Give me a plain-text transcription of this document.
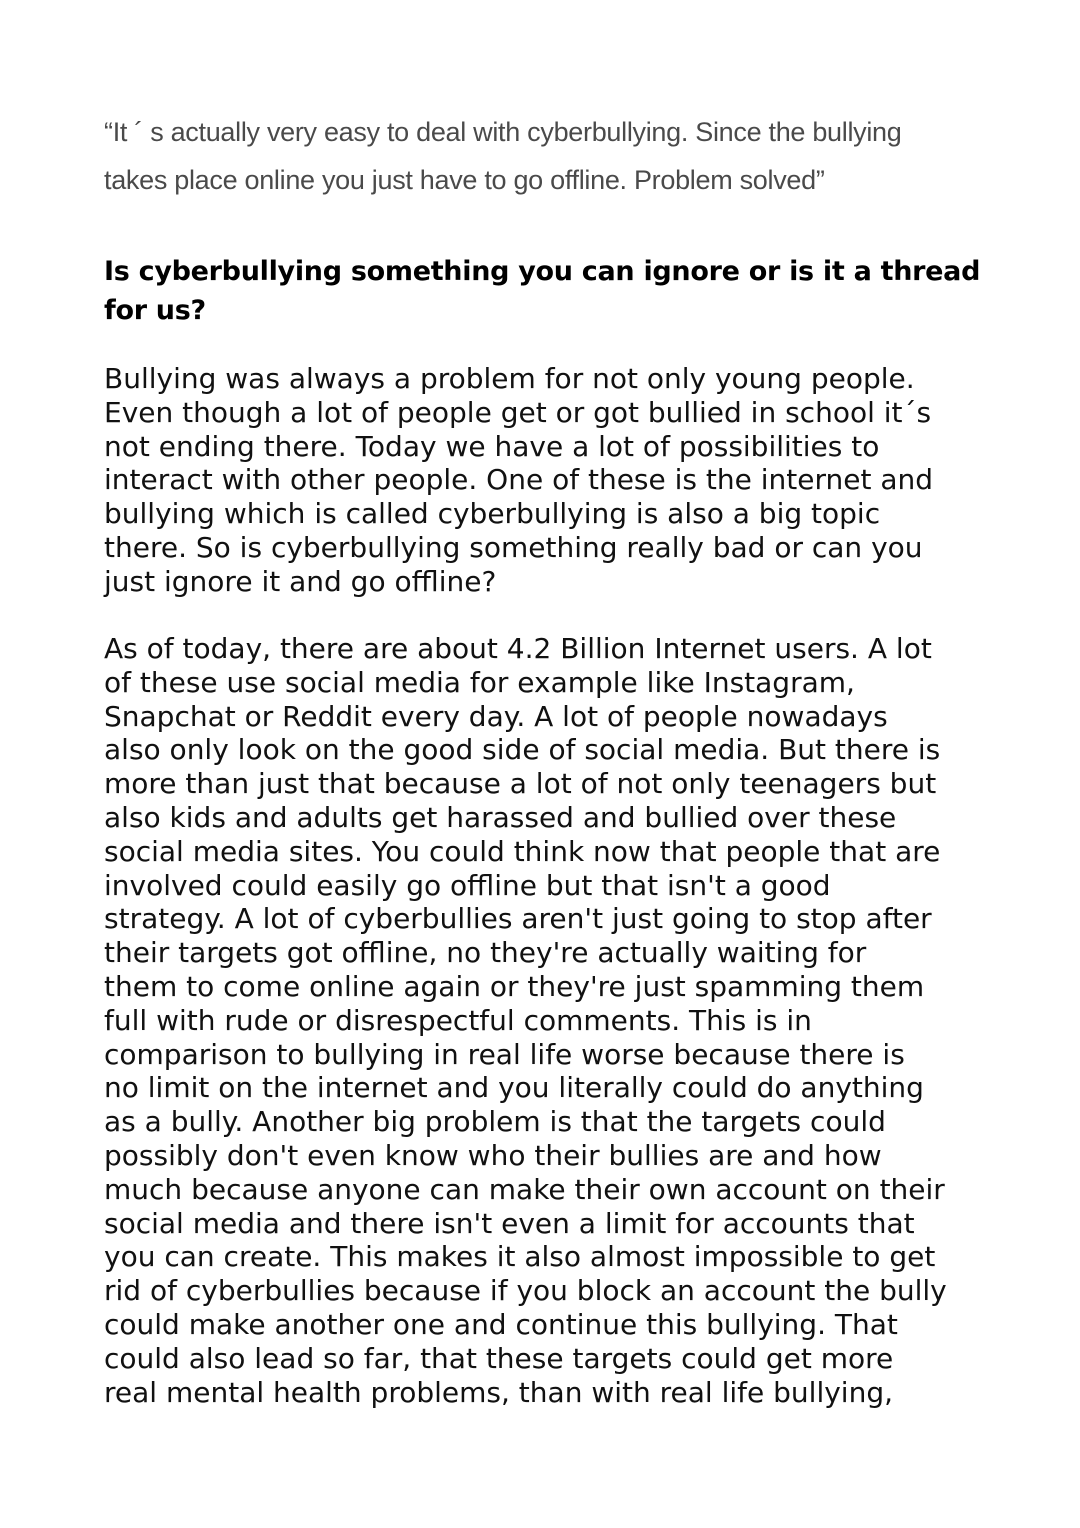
“It ´ s actually very easy to deal with cyberbullying. Since the bullying
takes place online you just have to go offline. Problem solved”

Is cyberbullying something you can ignore or is it a thread
for us?

Bullying was always a problem for not only young people.
Even though a lot of people get or got bullied in school it´s
not ending there. Today we have a lot of possibilities to
interact with other people. One of these is the internet and
bullying which is called cyberbullying is also a big topic
there. So is cyberbullying something really bad or can you
just ignore it and go offline?

As of today, there are about 4.2 Billion Internet users. A lot
of these use social media for example like Instagram,
Snapchat or Reddit every day. A lot of people nowadays
also only look on the good side of social media. But there is
more than just that because a lot of not only teenagers but
also kids and adults get harassed and bullied over these
social media sites. You could think now that people that are
involved could easily go offline but that isn't a good
strategy. A lot of cyberbullies aren't just going to stop after
their targets got offline, no they're actually waiting for
them to come online again or they're just spamming them
full with rude or disrespectful comments. This is in
comparison to bullying in real life worse because there is
no limit on the internet and you literally could do anything
as a bully. Another big problem is that the targets could
possibly don't even know who their bullies are and how
much because anyone can make their own account on their
social media and there isn't even a limit for accounts that
you can create. This makes it also almost impossible to get
rid of cyberbullies because if you block an account the bully
could make another one and continue this bullying. That
could also lead so far, that these targets could get more
real mental health problems, than with real life bullying,
